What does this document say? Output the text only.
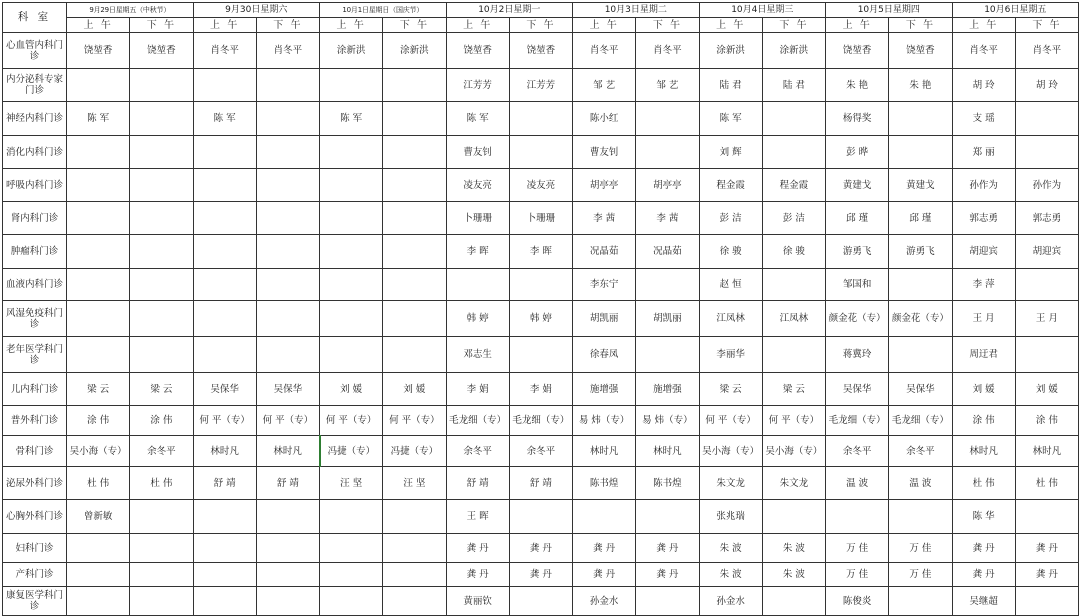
科 室	9月29日星期五（中秋节）		9月30日星期六		10月1日星期日（国庆节）		10月2日星期一		10月3日星期二		10月4日星期三		10月5日星期四		10月6日星期五	
	上 午	下 午	上 午	下 午	上 午	下 午	上 午	下 午	上 午	下 午	上 午	下 午	上 午	下 午	上 午	下 午
心血管内科门诊	饶堃香	饶堃香	肖冬平	肖冬平	涂新洪	涂新洪	饶堃香	饶堃香	肖冬平	肖冬平	涂新洪	涂新洪	饶堃香	饶堃香	肖冬平	肖冬平
内分泌科专家门诊							江芳芳	江芳芳	邹 艺	邹 艺	陆 君	陆 君	朱 艳	朱 艳	胡 玲	胡 玲
神经内科门诊	陈 军		陈 军		陈 军		陈 军		陈小红		陈 军		杨得奖		支 瑶	
消化内科门诊							曹友钊		曹友钊		刘 辉		彭 晔		郑 丽	
呼吸内科门诊							凌友亮	凌友亮	胡亭亭	胡亭亭	程金霞	程金霞	黄建戈	黄建戈	孙作为	孙作为
肾内科门诊							卜珊珊	卜珊珊	李 茜	李 茜	彭 洁	彭 洁	邱 瑾	邱 瑾	郭志勇	郭志勇
肿瘤科门诊							李 晖	李 晖	况晶茹	况晶茹	徐 骏	徐 骏	游勇飞	游勇飞	胡迎宾	胡迎宾
血液内科门诊									李东宁		赵 恒		邹国和		李 萍	
风湿免疫科门诊							韩 婷	韩 婷	胡凯丽	胡凯丽	江凤林	江凤林	颜金花（专）	颜金花（专）	王 月	王 月
老年医学科门诊							邓志生		徐春凤		李丽华		蒋冀玲		周迂君	
儿内科门诊	梁 云	梁 云	吴保华	吴保华	刘 媛	刘 媛	李 娟	李 娟	施增强	施增强	梁 云	梁 云	吴保华	吴保华	刘 媛	刘 媛
普外科门诊	涂 伟	涂 伟	何 平（专）	何 平（专）	何 平（专）	何 平（专）	毛龙细（专）	毛龙细（专）	易 炜（专）	易 炜（专）	何 平（专）	何 平（专）	毛龙细（专）	毛龙细（专）	涂 伟	涂 伟
骨科门诊	吴小海（专）	余冬平	林时凡	林时凡	冯捷（专）	冯捷（专）	余冬平	余冬平	林时凡	林时凡	吴小海（专）	吴小海（专）	余冬平	余冬平	林时凡	林时凡
泌尿外科门诊	杜 伟	杜 伟	舒 靖	舒 靖	汪 坚	汪 坚	舒 靖	舒 靖	陈书煌	陈书煌	朱文龙	朱文龙	温 波	温 波	杜 伟	杜 伟
心胸外科门诊	曾新敏						王 晖				张兆瑞				陈 华	
妇科门诊							龚 丹	龚 丹	龚 丹	龚 丹	朱 波	朱 波	万 佳	万 佳	龚 丹	龚 丹
产科门诊							龚 丹	龚 丹	龚 丹	龚 丹	朱 波	朱 波	万 佳	万 佳	龚 丹	龚 丹
康复医学科门诊							黄丽钦		孙金水		孙金水		陈俊炎		吴继超	
